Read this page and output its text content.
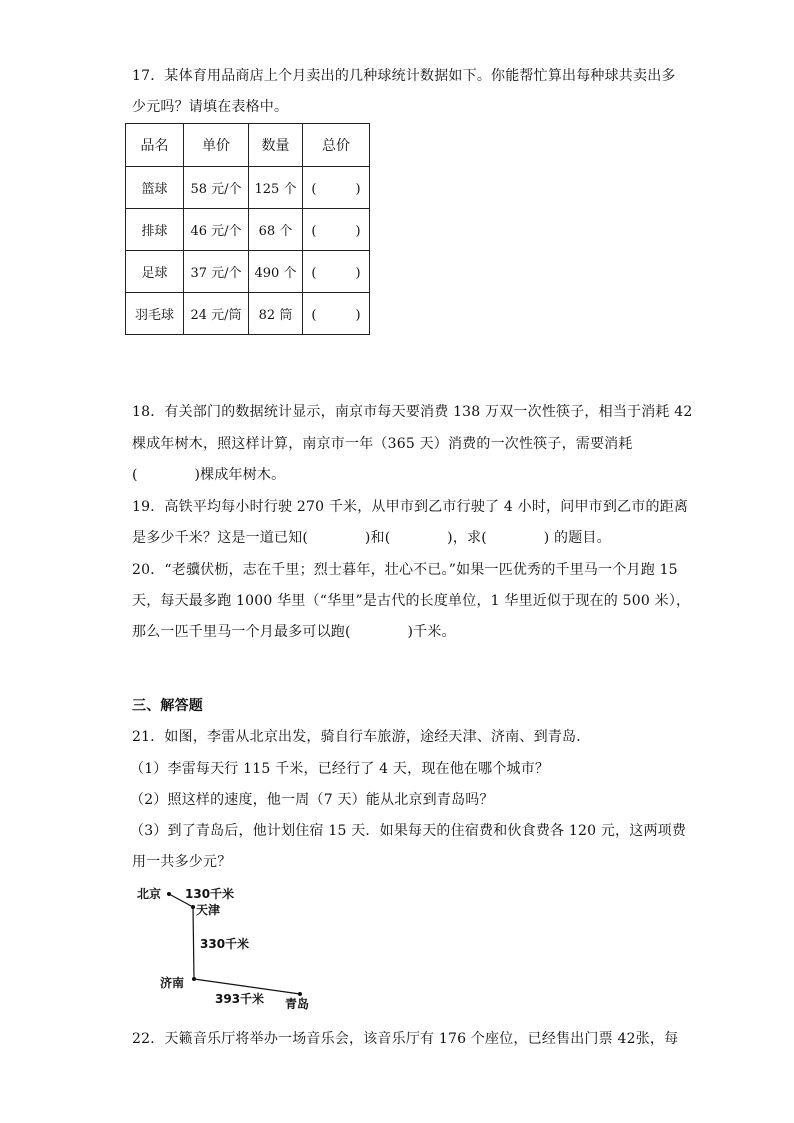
17．某体育用品商店上个月卖出的几种球统计数据如下。你能帮忙算出每种球共卖出多
少元吗？请填在表格中。
品名	单价	数量	总价
篮球	58 元/个	125 个	(　　　)
排球	46 元/个	68 个	(　　　)
足球	37 元/个	490 个	(　　　)
羽毛球	24 元/筒	82 筒	(　　　)
18．有关部门的数据统计显示，南京市每天要消费 138 万双一次性筷子，相当于消耗 42
棵成年树木，照这样计算，南京市一年（365 天）消费的一次性筷子，需要消耗
(　　　　)棵成年树木。
19．高铁平均每小时行驶 270 千米，从甲市到乙市行驶了 4 小时，问甲市到乙市的距离
是多少千米？这是一道已知(　　　　)和(　　　　)，求(　　　　) 的题目。
20．“老骥伏枥，志在千里；烈士暮年，壮心不已。”如果一匹优秀的千里马一个月跑 15
天，每天最多跑 1000 华里（“华里”是古代的长度单位，1 华里近似于现在的 500 米），
那么一匹千里马一个月最多可以跑(　　　　)千米。
三、解答题
21．如图，李雷从北京出发，骑自行车旅游，途经天津、济南、到青岛．
（1）李雷每天行 115 千米，已经行了 4 天，现在他在哪个城市？
（2）照这样的速度，他一周（7 天）能从北京到青岛吗？
（3）到了青岛后，他计划住宿 15 天．如果每天的住宿费和伙食费各 120 元，这两项费
用一共多少元？
北京
天津
济南
青岛
130千米
330千米
393千米
22．天籁音乐厅将举办一场音乐会，该音乐厅有 176 个座位，已经售出门票 42张，每
